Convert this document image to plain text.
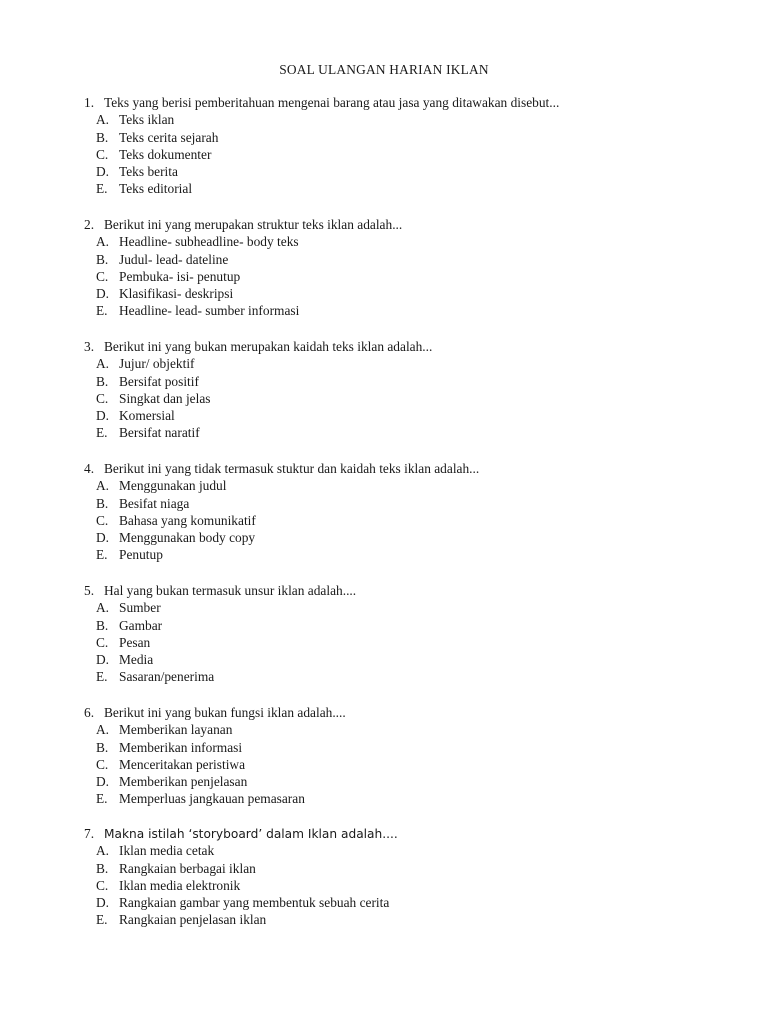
SOAL ULANGAN HARIAN IKLAN
1. Teks yang berisi pemberitahuan mengenai barang atau jasa yang ditawakan disebut...
A. Teks iklan
B. Teks cerita sejarah
C. Teks dokumenter
D. Teks berita
E. Teks editorial
2. Berikut ini yang merupakan struktur teks iklan adalah...
A. Headline- subheadline- body teks
B. Judul- lead- dateline
C. Pembuka- isi- penutup
D. Klasifikasi- deskripsi
E. Headline- lead- sumber informasi
3. Berikut ini yang bukan merupakan kaidah teks iklan adalah...
A. Jujur/ objektif
B. Bersifat positif
C. Singkat dan jelas
D. Komersial
E. Bersifat naratif
4. Berikut ini yang tidak termasuk stuktur dan kaidah teks iklan adalah...
A. Menggunakan judul
B. Besifat niaga
C. Bahasa yang komunikatif
D. Menggunakan body copy
E. Penutup
5. Hal yang bukan termasuk unsur iklan adalah....
A. Sumber
B. Gambar
C. Pesan
D. Media
E. Sasaran/penerima
6. Berikut ini yang bukan fungsi iklan adalah....
A. Memberikan layanan
B. Memberikan informasi
C. Menceritakan peristiwa
D. Memberikan penjelasan
E. Memperluas jangkauan pemasaran
7. Makna istilah ‘storyboard’ dalam Iklan adalah....
A. Iklan media cetak
B. Rangkaian berbagai iklan
C. Iklan media elektronik
D. Rangkaian gambar yang membentuk sebuah cerita
E. Rangkaian penjelasan iklan
